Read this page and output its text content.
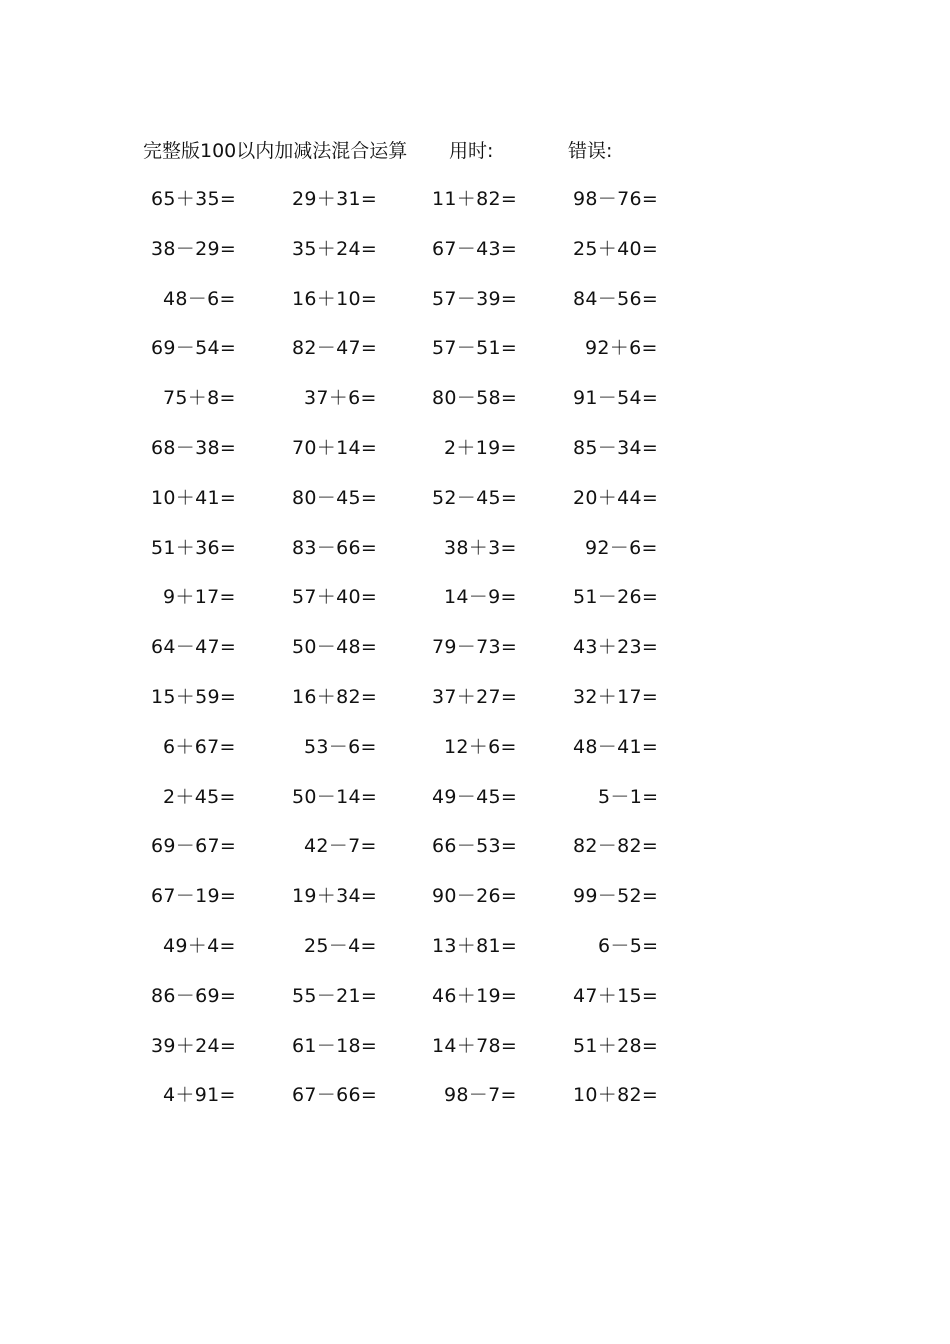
完整版100以内加减法混合运算 用时:	错误:
65＋35=	29＋31=	11＋82=	98－76=
38－29=	35＋24=	67－43=	25＋40=
48－6=	16＋10=	57－39=	84－56=
69－54=	82－47=	57－51=	92＋6=
75＋8=	37＋6=	80－58=	91－54=
68－38=	70＋14=	2＋19=	85－34=
10＋41=	80－45=	52－45=	20＋44=
51＋36=	83－66=	38＋3=	92－6=
9＋17=	57＋40=	14－9=	51－26=
64－47=	50－48=	79－73=	43＋23=
15＋59=	16＋82=	37＋27=	32＋17=
6＋67=	53－6=	12＋6=	48－41=
2＋45=	50－14=	49－45=	5－1=
69－67=	42－7=	66－53=	82－82=
67－19=	19＋34=	90－26=	99－52=
49＋4=	25－4=	13＋81=	6－5=
86－69=	55－21=	46＋19=	47＋15=
39＋24=	61－18=	14＋78=	51＋28=
4＋91=	67－66=	98－7=	10＋82=
